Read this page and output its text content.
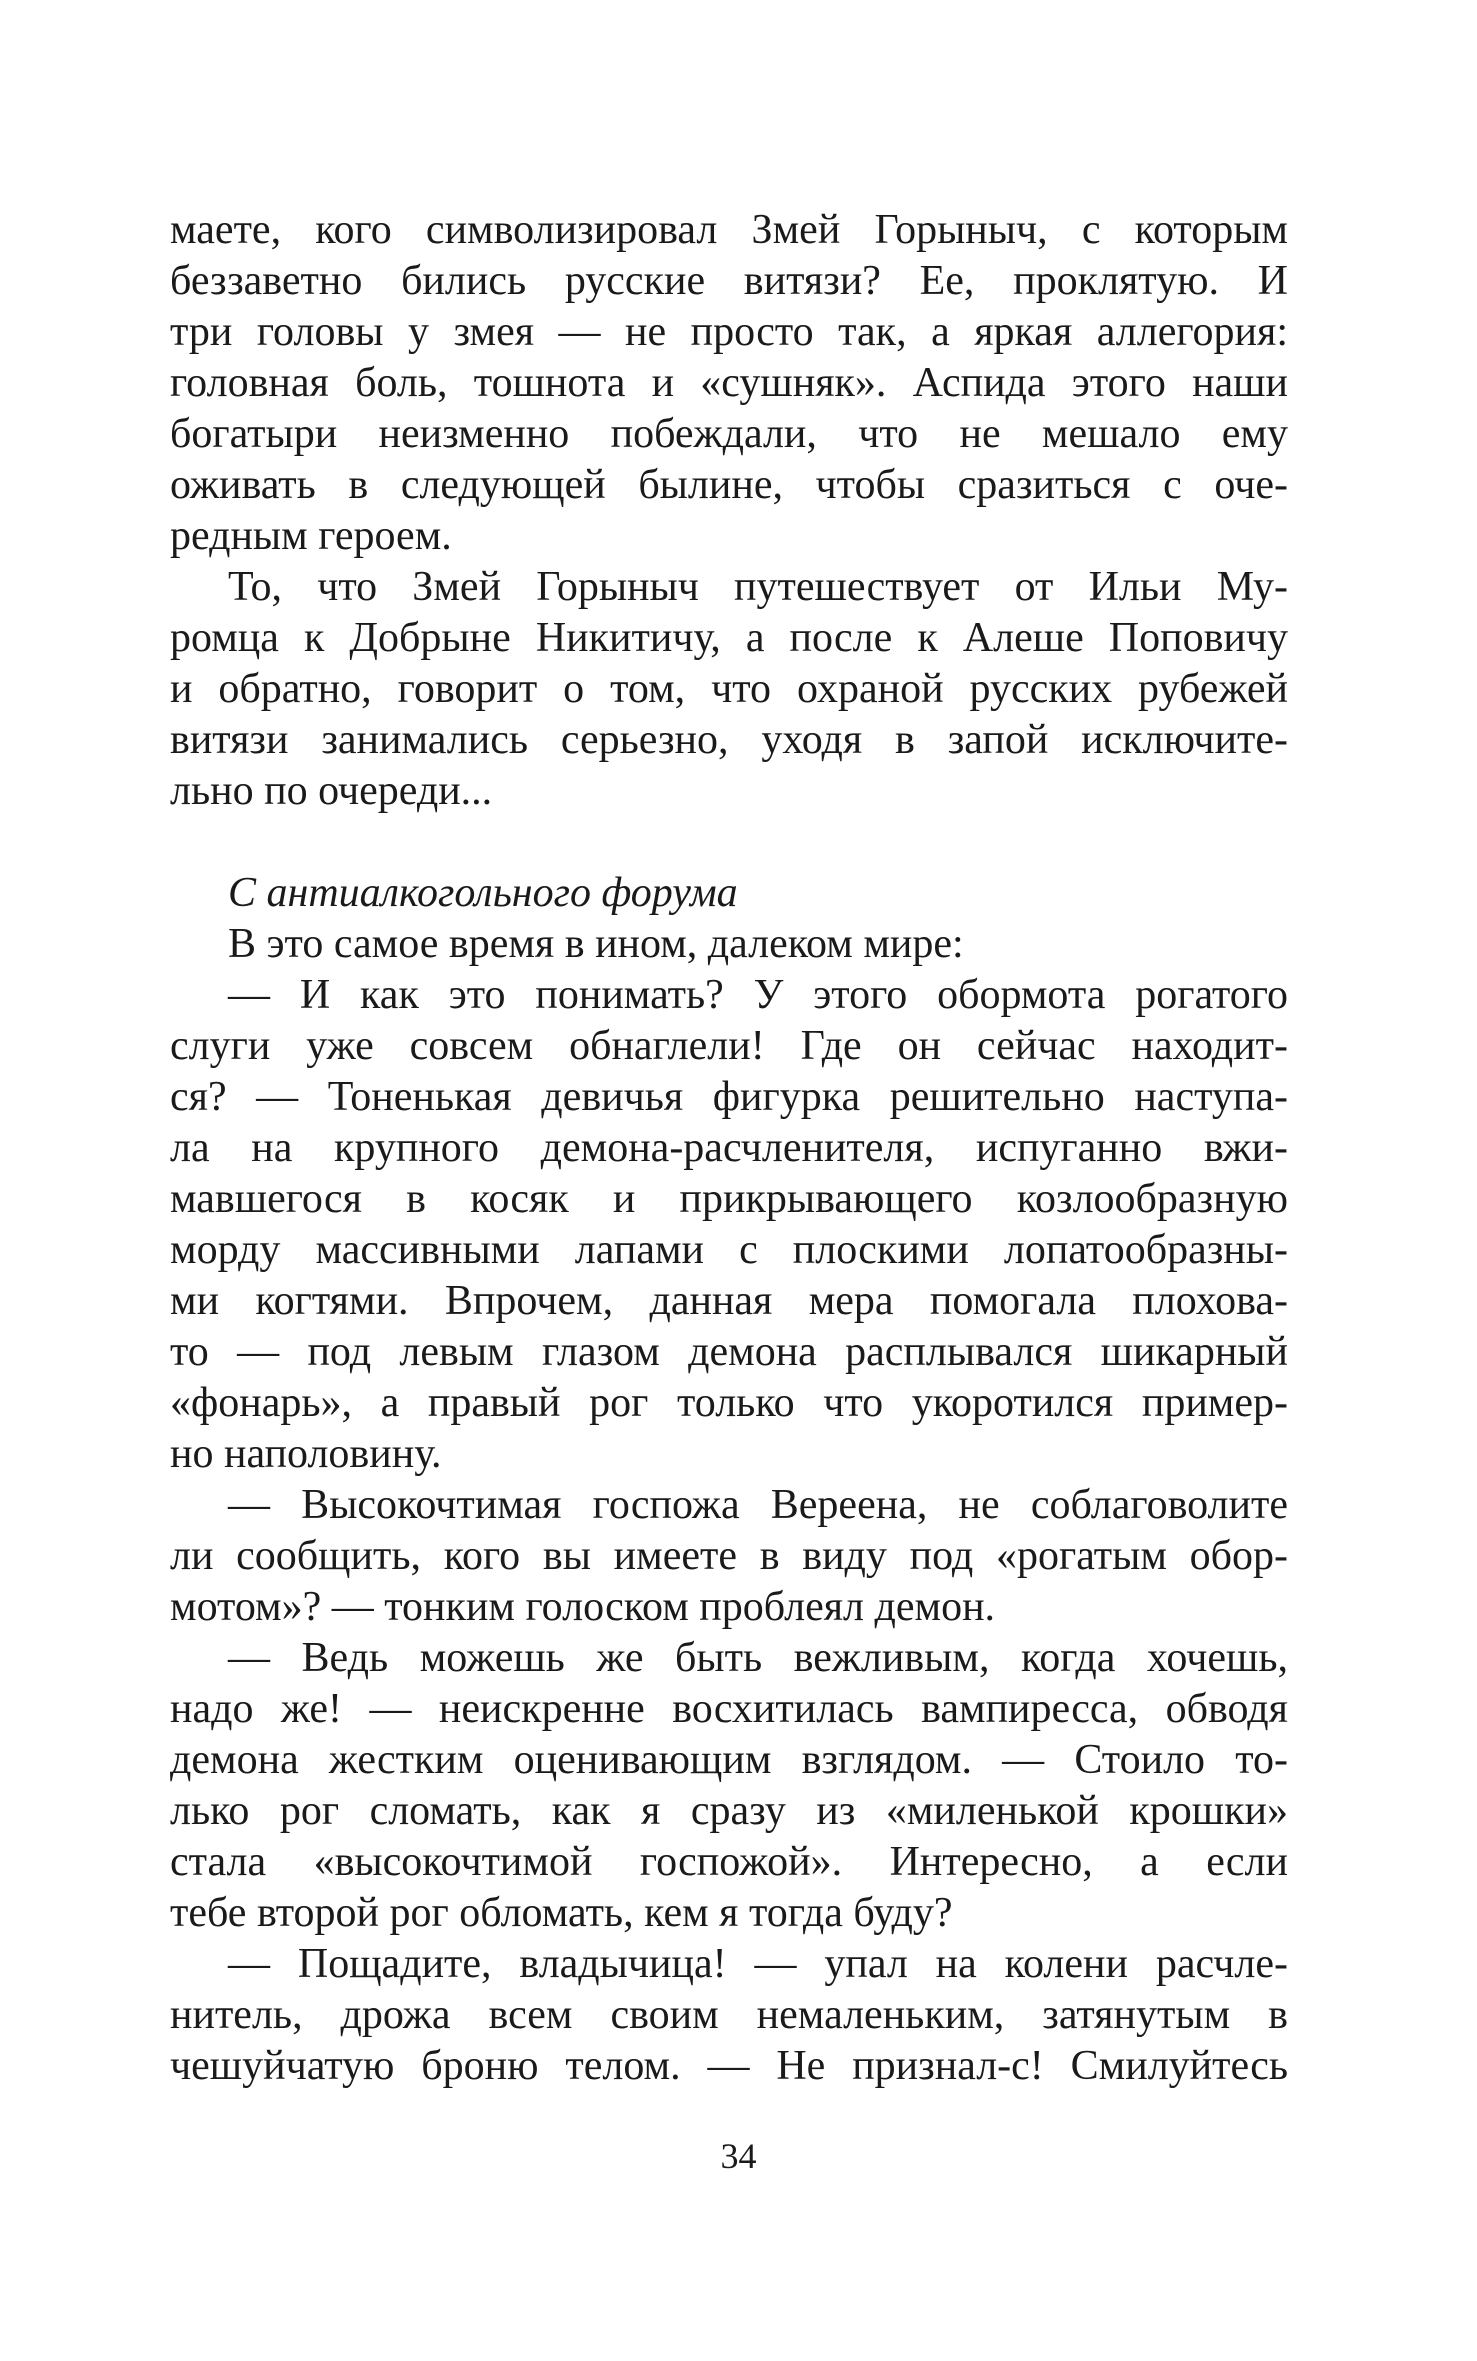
маете, кого символизировал Змей Горыныч, с которым
беззаветно бились русские витязи? Ее, проклятую. И
три головы у змея — не просто так, а яркая аллегория:
головная боль, тошнота и «сушняк». Аспида этого наши
богатыри неизменно побеждали, что не мешало ему
оживать в следующей былине, чтобы сразиться с оче-
редным героем.
То, что Змей Горыныч путешествует от Ильи Му-
ромца к Добрыне Никитичу, а после к Алеше Поповичу
и обратно, говорит о том, что охраной русских рубежей
витязи занимались серьезно, уходя в запой исключите-
льно по очереди...
С антиалкогольного форума
В это самое время в ином, далеком мире:
— И как это понимать? У этого обормота рогатого
слуги уже совсем обнаглели! Где он сейчас находит-
ся? — Тоненькая девичья фигурка решительно наступа-
ла на крупного демона-расчленителя, испуганно вжи-
мавшегося в косяк и прикрывающего козлообразную
морду массивными лапами с плоскими лопатообразны-
ми когтями. Впрочем, данная мера помогала плохова-
то — под левым глазом демона расплывался шикарный
«фонарь», а правый рог только что укоротился пример-
но наполовину.
— Высокочтимая госпожа Верeена, не соблаговолите
ли сообщить, кого вы имеете в виду под «рогатым обор-
мотом»? — тонким голоском проблеял демон.
— Ведь можешь же быть вежливым, когда хочешь,
надо же! — неискренне восхитилась вампиресса, обводя
демона жестким оценивающим взглядом. — Стоило то-
лько рог сломать, как я сразу из «миленькой крошки»
стала «высокочтимой госпожой». Интересно, а если
тебе второй рог обломать, кем я тогда буду?
— Пощадите, владычица! — упал на колени расчле-
нитель, дрожа всем своим немаленьким, затянутым в
чешуйчатую броню телом. — Не признал-с! Смилуйтесь
34
